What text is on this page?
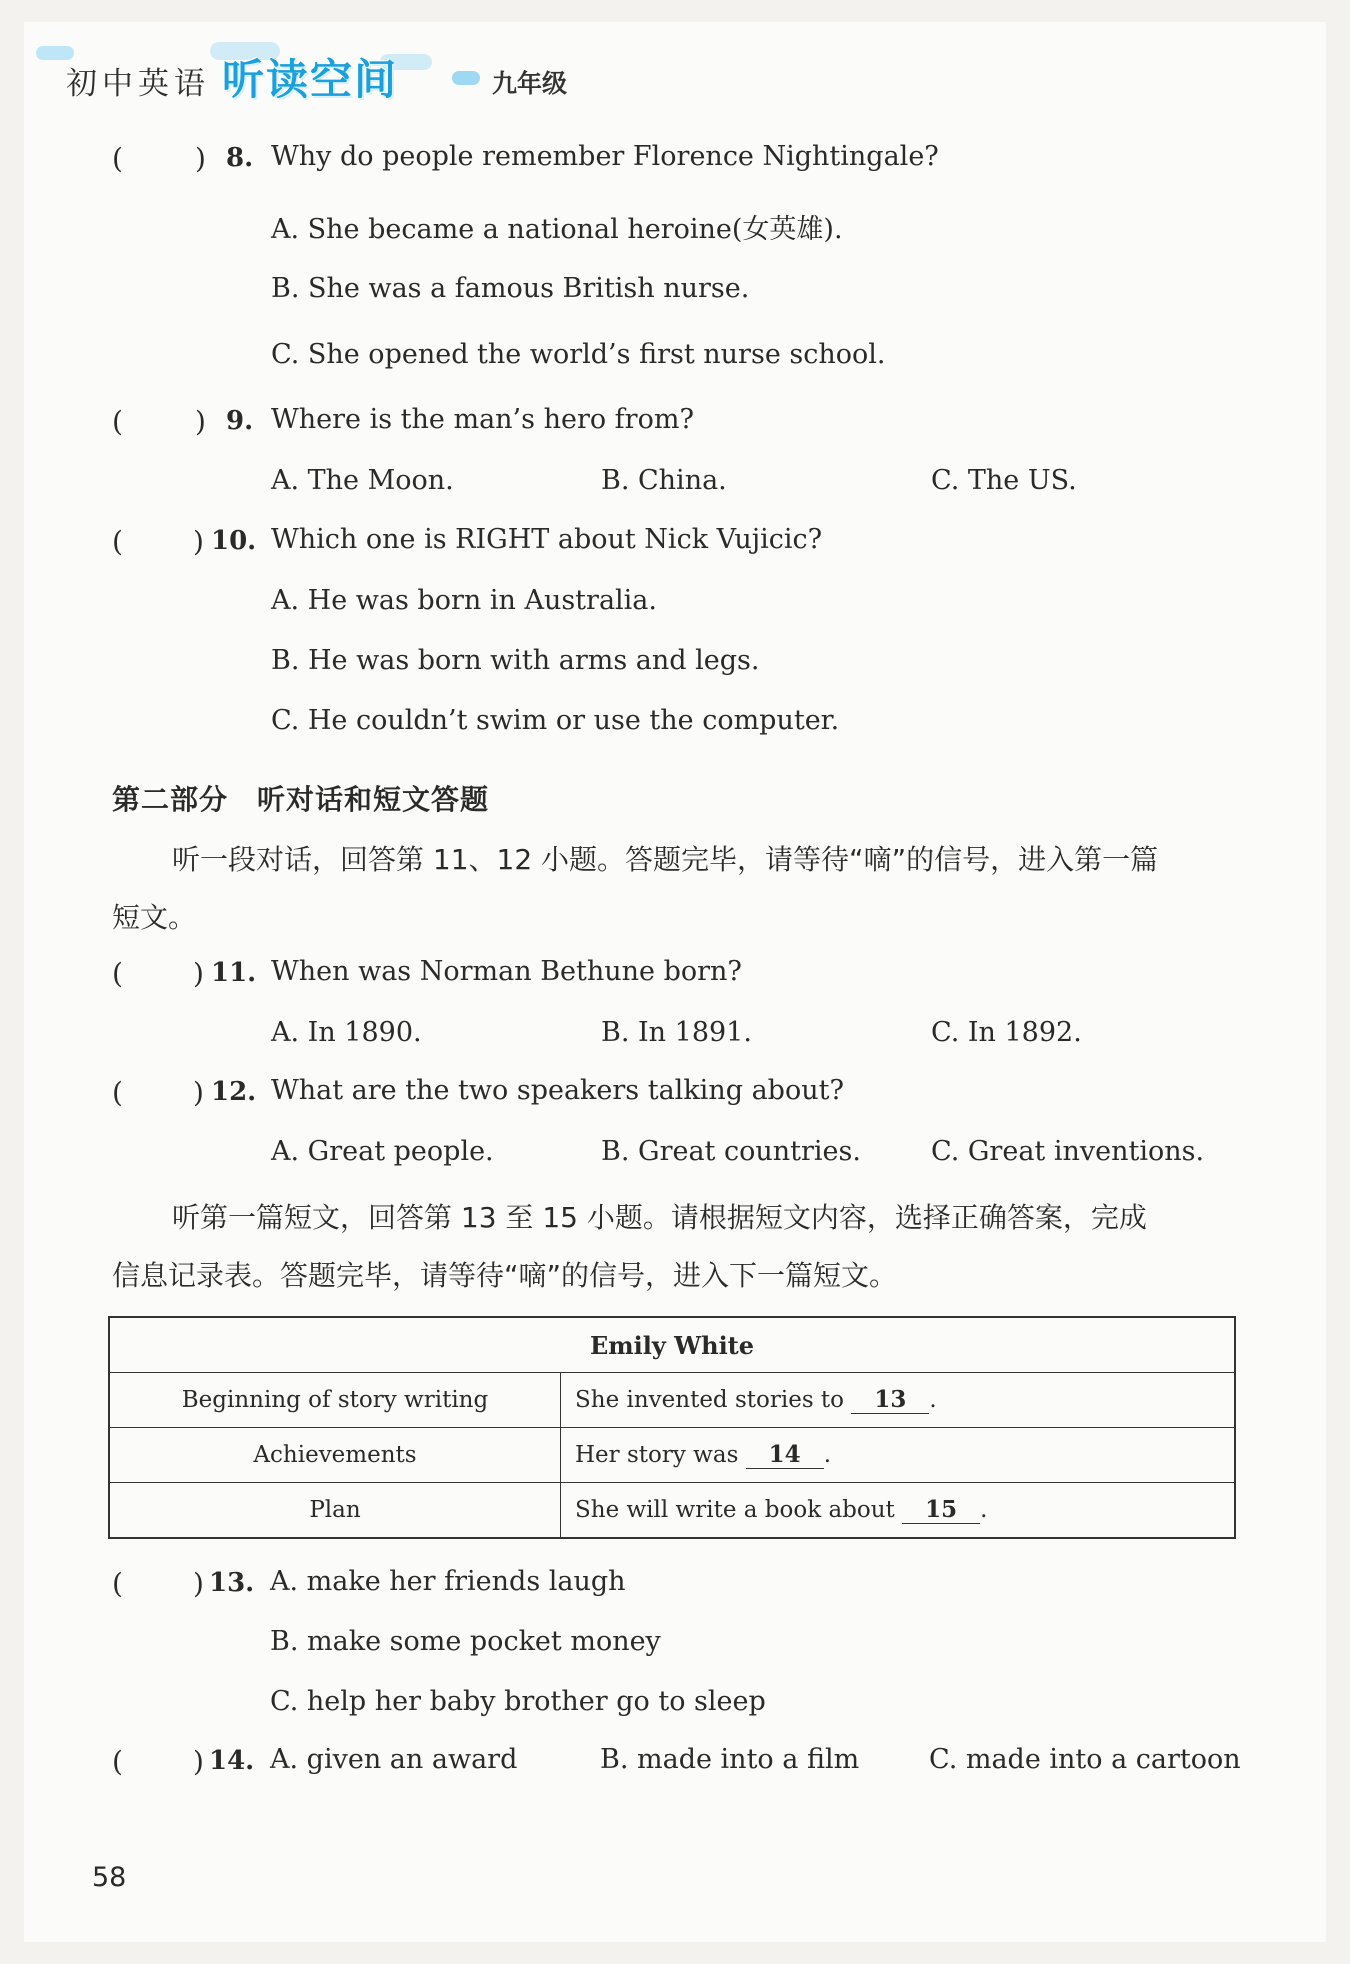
初中英语 听读空间	九年级
(	) 8. Why do people remember Florence Nightingale?
A. She became a national heroine(女英雄).
B. She was a famous British nurse.
C. She opened the world’s first nurse school.
(	) 9. Where is the man’s hero from?
A. The Moon.	B. China.	C. The US.
(	) 10. Which one is RIGHT about Nick Vujicic?
A. He was born in Australia.
B. He was born with arms and legs.
C. He couldn’t swim or use the computer.
第二部分　听对话和短文答题
听一段对话，回答第 11、12 小题。答题完毕，请等待“嘀”的信号，进入第一篇
短文。
(	) 11. When was Norman Bethune born?
A. In 1890.	B. In 1891.	C. In 1892.
(	) 12. What are the two speakers talking about?
A. Great people.	B. Great countries.	C. Great inventions.
听第一篇短文，回答第 13 至 15 小题。请根据短文内容，选择正确答案，完成
信息记录表。答题完毕，请等待“嘀”的信号，进入下一篇短文。
Emily White	
Beginning of story writing	She invented stories to 13 .
Achievements	Her story was 14 .
Plan	She will write a book about 15 .
(	) 13. A. make her friends laugh
B. make some pocket money
C. help her baby brother go to sleep
(	) 14. A. given an award	B. made into a film	C. made into a cartoon
58
